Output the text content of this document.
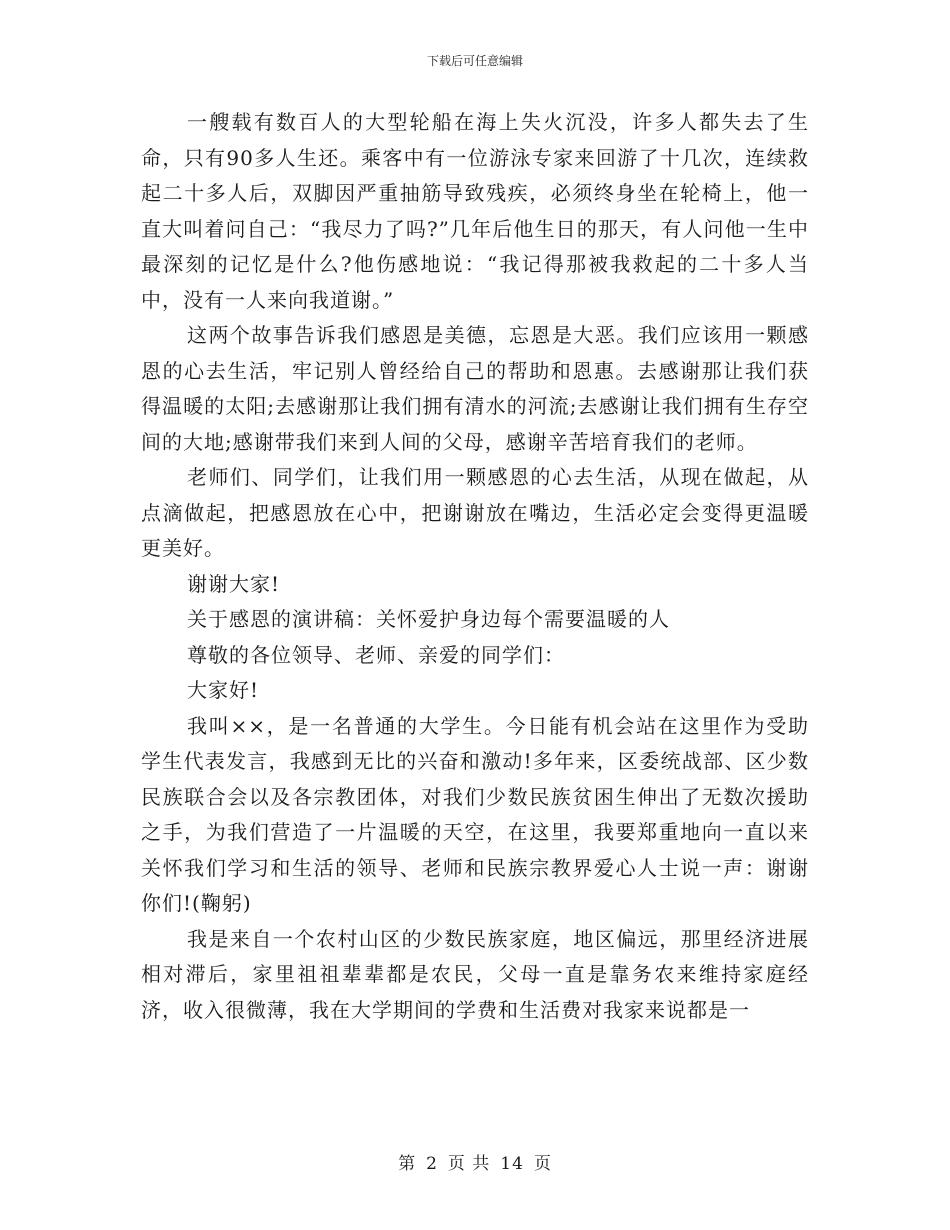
下载后可任意编辑

一艘载有数百人的大型轮船在海上失火沉没，许多人都失去了生命，只有90多人生还。乘客中有一位游泳专家来回游了十几次，连续救起二十多人后，双脚因严重抽筋导致残疾，必须终身坐在轮椅上，他一直大叫着问自己：“我尽力了吗?”几年后他生日的那天，有人问他一生中最深刻的记忆是什么?他伤感地说：“我记得那被我救起的二十多人当中，没有一人来向我道谢。”

这两个故事告诉我们感恩是美德，忘恩是大恶。我们应该用一颗感恩的心去生活，牢记别人曾经给自己的帮助和恩惠。去感谢那让我们获得温暖的太阳;去感谢那让我们拥有清水的河流;去感谢让我们拥有生存空间的大地;感谢带我们来到人间的父母，感谢辛苦培育我们的老师。

老师们、同学们，让我们用一颗感恩的心去生活，从现在做起，从点滴做起，把感恩放在心中，把谢谢放在嘴边，生活必定会变得更温暖更美好。

谢谢大家!

关于感恩的演讲稿：关怀爱护身边每个需要温暖的人

尊敬的各位领导、老师、亲爱的同学们：

大家好!

我叫××，是一名普通的大学生。今日能有机会站在这里作为受助学生代表发言，我感到无比的兴奋和激动!多年来，区委统战部、区少数民族联合会以及各宗教团体，对我们少数民族贫困生伸出了无数次援助之手，为我们营造了一片温暖的天空，在这里，我要郑重地向一直以来关怀我们学习和生活的领导、老师和民族宗教界爱心人士说一声：谢谢你们!(鞠躬)

我是来自一个农村山区的少数民族家庭，地区偏远，那里经济进展相对滞后，家里祖祖辈辈都是农民，父母一直是靠务农来维持家庭经济，收入很微薄，我在大学期间的学费和生活费对我家来说都是一

第 2 页 共 14 页
